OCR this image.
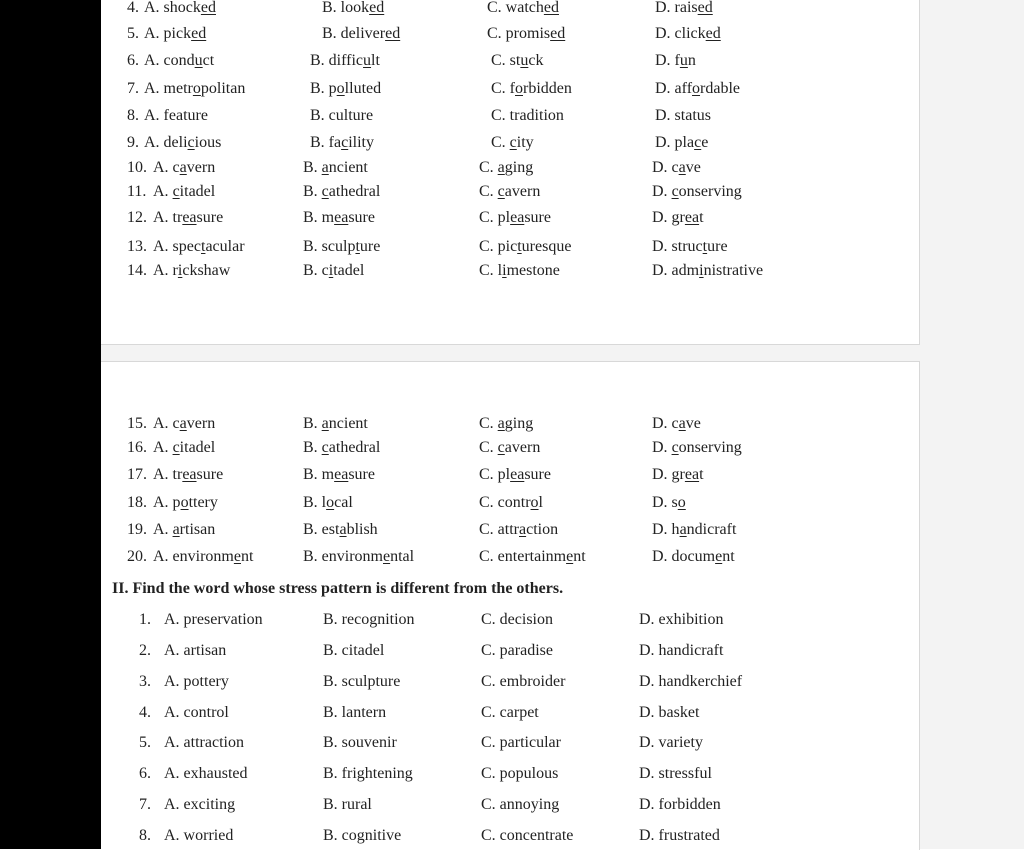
II. Find the word whose stress pattern is different from the others.
4. A. shocked	B. looked	C. watched	D. raised
5. A. picked	B. delivered	C. promised	D. clicked
6. A. conduct	B. difficult	C. stuck	D. fun
7. A. metropolitan	B. polluted	C. forbidden	D. affordable
8. A. feature	B. culture	C. tradition	D. status
9. A. delicious	B. facility	C. city	D. place
10. A. cavern	B. ancient	C. aging	D. cave
11. A. citadel	B. cathedral	C. cavern	D. conserving
12. A. treasure	B. measure	C. pleasure	D. great
13. A. spectacular	B. sculpture	C. picturesque	D. structure
14. A. rickshaw	B. citadel	C. limestone	D. administrative
15. A. cavern	B. ancient	C. aging	D. cave
16. A. citadel	B. cathedral	C. cavern	D. conserving
17. A. treasure	B. measure	C. pleasure	D. great
18. A. pottery	B. local	C. control	D. so
19. A. artisan	B. establish	C. attraction	D. handicraft
20. A. environment	B. environmental	C. entertainment	D. document
1. A. preservation	B. recognition	C. decision	D. exhibition
2. A. artisan	B. citadel	C. paradise	D. handicraft
3. A. pottery	B. sculpture	C. embroider	D. handkerchief
4. A. control	B. lantern	C. carpet	D. basket
5. A. attraction	B. souvenir	C. particular	D. variety
6. A. exhausted	B. frightening	C. populous	D. stressful
7. A. exciting	B. rural	C. annoying	D. forbidden
8. A. worried	B. cognitive	C. concentrate	D. frustrated
